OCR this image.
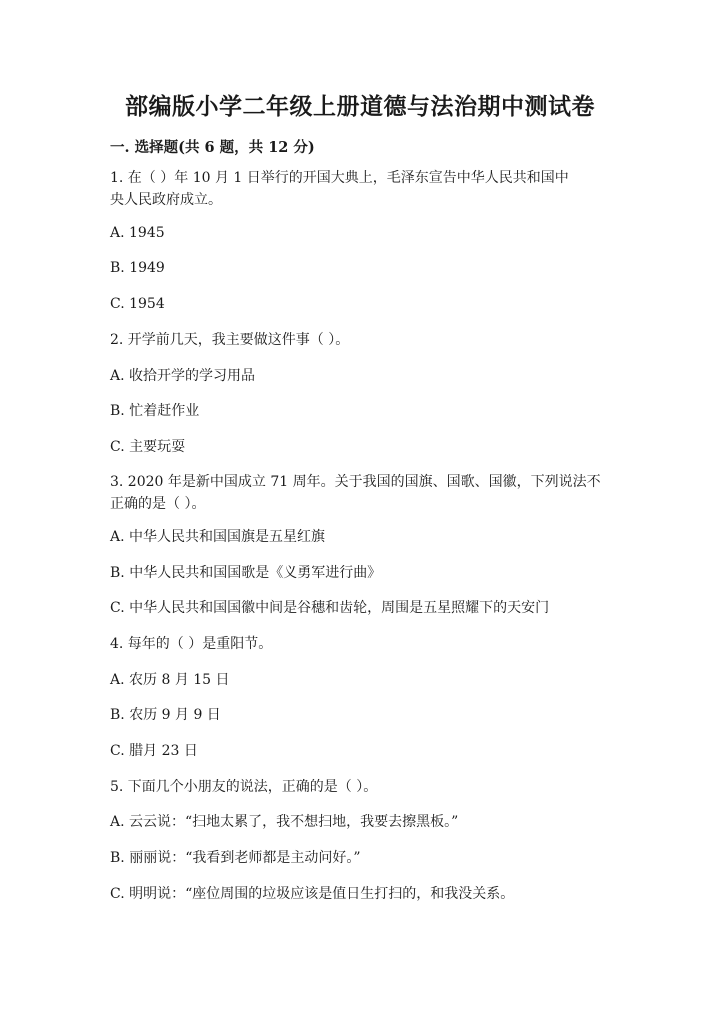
部编版小学二年级上册道德与法治期中测试卷
一. 选择题(共 6 题，共 12 分)
1. 在（ ）年 10 月 1 日举行的开国大典上，毛泽东宣告中华人民共和国中
央人民政府成立。
A. 1945
B. 1949
C. 1954
2. 开学前几天，我主要做这件事（ ）。
A. 收拾开学的学习用品
B. 忙着赶作业
C. 主要玩耍
3. 2020 年是新中国成立 71 周年。关于我国的国旗、国歌、国徽，下列说法不
正确的是（ ）。
A. 中华人民共和国国旗是五星红旗
B. 中华人民共和国国歌是《义勇军进行曲》
C. 中华人民共和国国徽中间是谷穗和齿轮，周围是五星照耀下的天安门
4. 每年的（ ）是重阳节。
A. 农历 8 月 15 日
B. 农历 9 月 9 日
C. 腊月 23 日
5. 下面几个小朋友的说法，正确的是（ ）。
A. 云云说：“扫地太累了，我不想扫地，我要去擦黑板。”
B. 丽丽说：“我看到老师都是主动问好。”
C. 明明说：“座位周围的垃圾应该是值日生打扫的，和我没关系。
